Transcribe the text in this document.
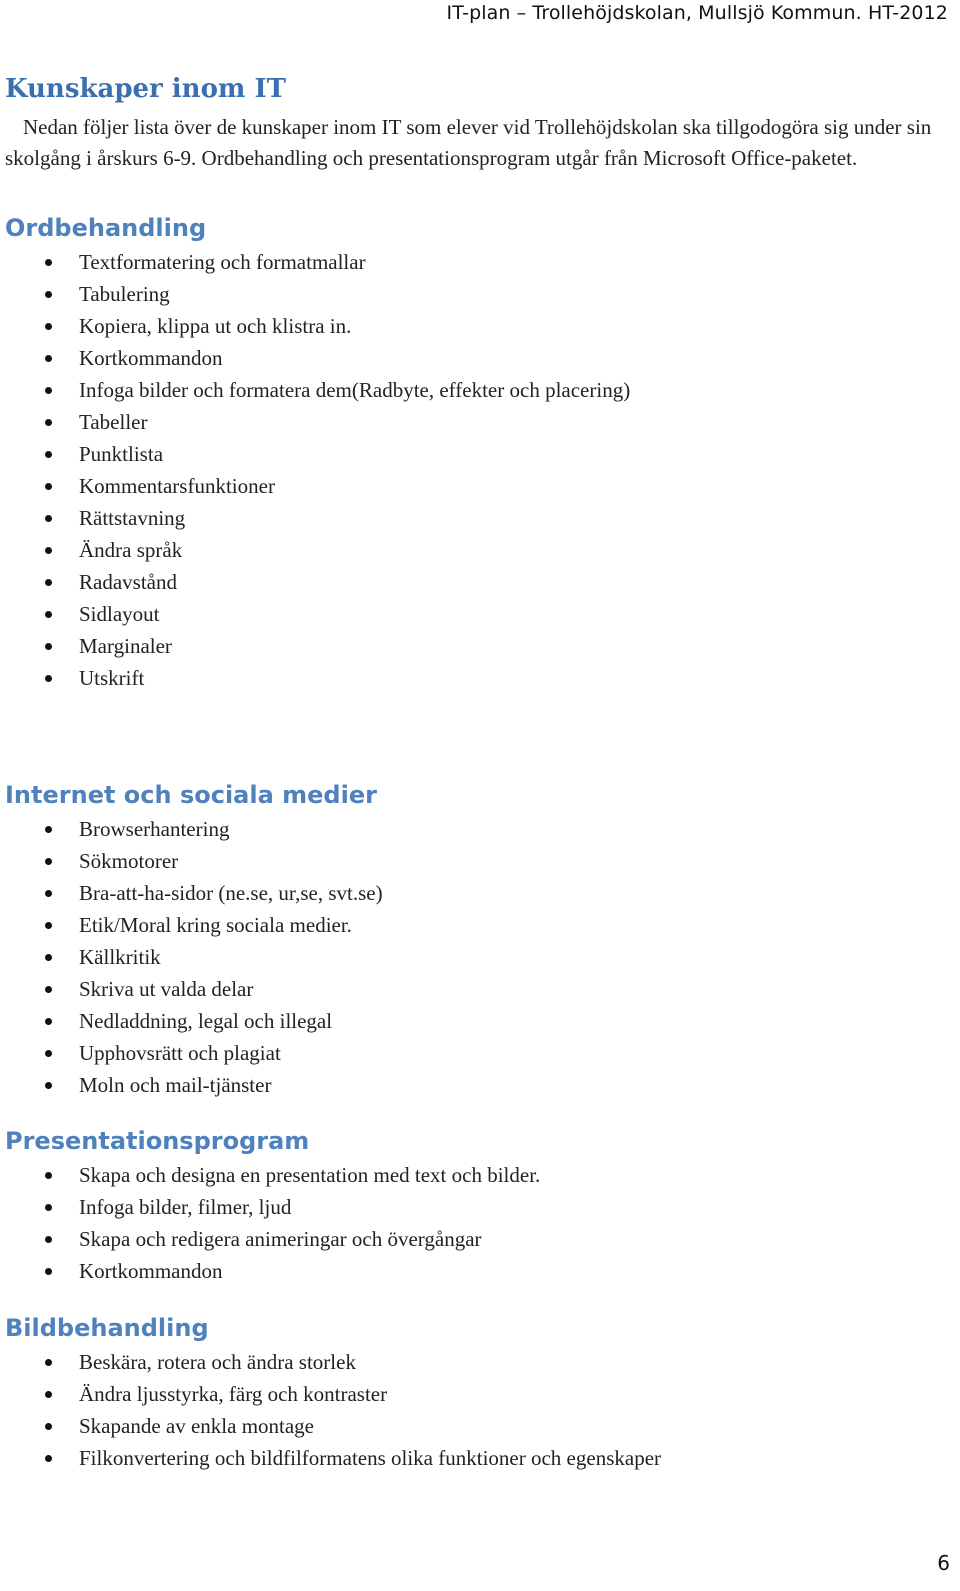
IT-plan – Trollehöjdskolan, Mullsjö Kommun. HT-2012
Kunskaper inom IT

Nedan följer lista över de kunskaper inom IT som elever vid Trollehöjdskolan ska tillgodogöra sig under sin skolgång i årskurs 6-9. Ordbehandling och presentationsprogram utgår från Microsoft Office-paketet.

Ordbehandling
Textformatering och formatmallar
Tabulering
Kopiera, klippa ut och klistra in.
Kortkommandon
Infoga bilder och formatera dem(Radbyte, effekter och placering)
Tabeller
Punktlista
Kommentarsfunktioner
Rättstavning
Ändra språk
Radavstånd
Sidlayout
Marginaler
Utskrift
Internet och sociala medier
Browserhantering
Sökmotorer
Bra-att-ha-sidor (ne.se, ur,se, svt.se)
Etik/Moral kring sociala medier.
Källkritik
Skriva ut valda delar
Nedladdning, legal och illegal
Upphovsrätt och plagiat
Moln och mail-tjänster
Presentationsprogram
Skapa och designa en presentation med text och bilder.
Infoga bilder, filmer, ljud
Skapa och redigera animeringar och övergångar
Kortkommandon
Bildbehandling
Beskära, rotera och ändra storlek
Ändra ljusstyrka, färg och kontraster
Skapande av enkla montage
Filkonvertering och bildfilformatens olika funktioner och egenskaper
6
